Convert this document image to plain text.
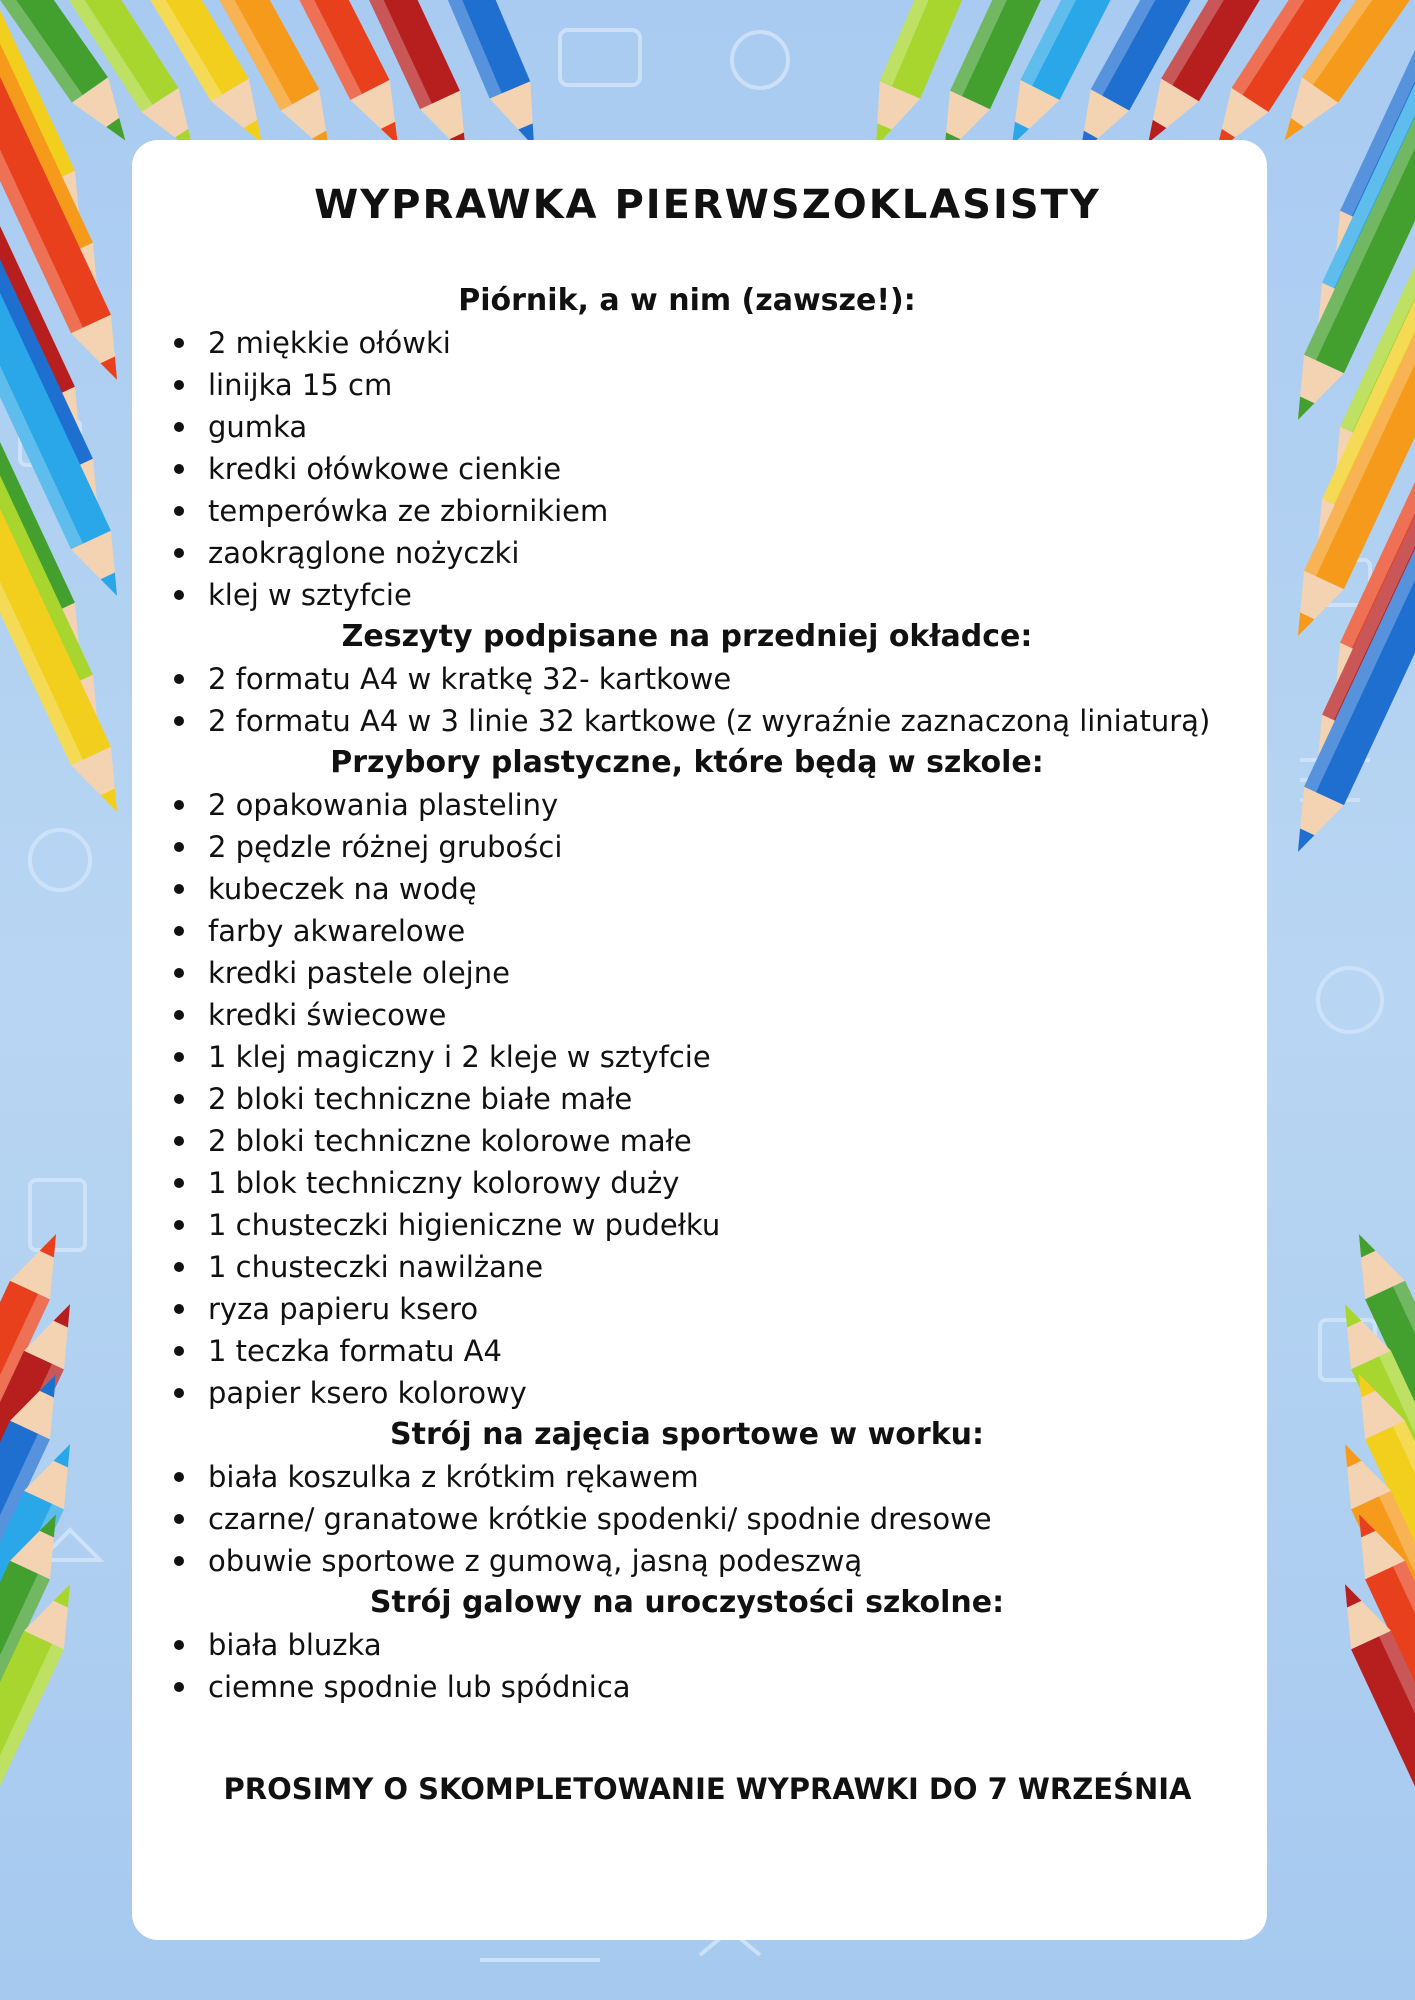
WYPRAWKA PIERWSZOKLASISTY
Piórnik, a w nim (zawsze!):
2 miękkie ołówki
linijka 15 cm
gumka
kredki ołówkowe cienkie
temperówka ze zbiornikiem
zaokrąglone nożyczki
klej w sztyfcie
Zeszyty podpisane na przedniej okładce:
2 formatu A4 w kratkę 32- kartkowe
2 formatu A4 w 3 linie 32 kartkowe (z wyraźnie zaznaczoną liniaturą)
Przybory plastyczne, które będą w szkole:
2 opakowania plasteliny
2 pędzle różnej grubości
kubeczek na wodę
farby akwarelowe
kredki pastele olejne
kredki świecowe
1 klej magiczny i 2 kleje w sztyfcie
2 bloki techniczne białe małe
2 bloki techniczne kolorowe małe
1 blok techniczny kolorowy duży
1 chusteczki higieniczne w pudełku
1 chusteczki nawilżane
ryza papieru ksero
1 teczka formatu A4
papier ksero kolorowy
Strój na zajęcia sportowe w worku:
biała koszulka z krótkim rękawem
czarne/ granatowe krótkie spodenki/ spodnie dresowe
obuwie sportowe z gumową, jasną podeszwą
Strój galowy na uroczystości szkolne:
biała bluzka
ciemne spodnie lub spódnica

PROSIMY O SKOMPLETOWANIE WYPRAWKI DO 7 WRZEŚNIA
